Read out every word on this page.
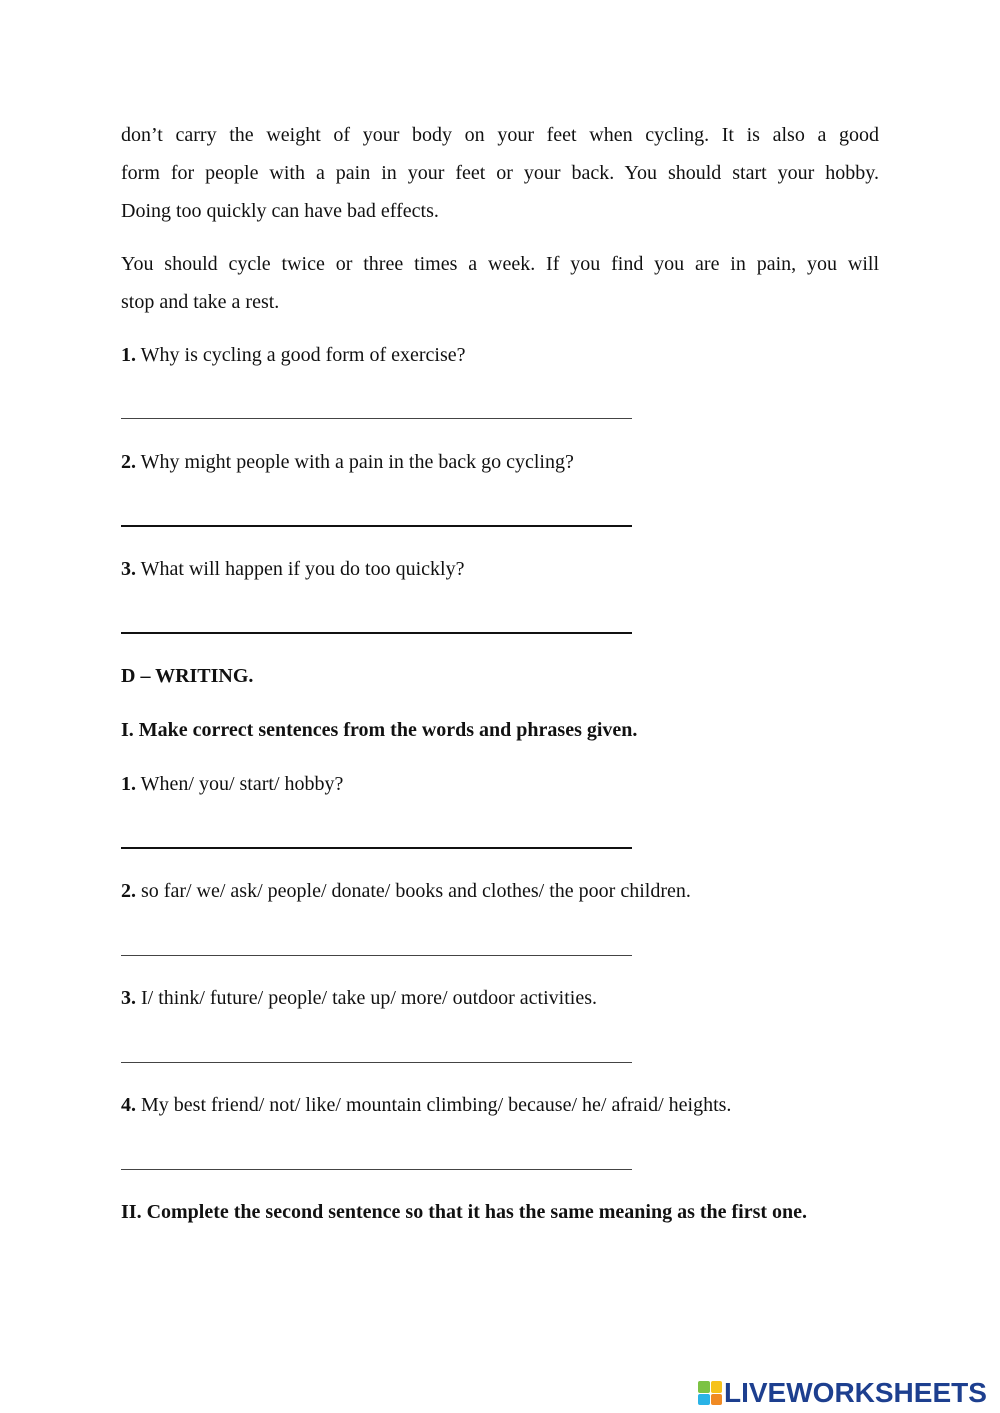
don’t carry the weight of your body on your feet when cycling. It is also a good

form for people with a pain in your feet or your back. You should start your hobby.

Doing too quickly can have bad effects.

You should cycle twice or three times a week. If you find you are in pain, you will

stop and take a rest.

1. Why is cycling a good form of exercise?
2. Why might people with a pain in the back go cycling?
3. What will happen if you do too quickly?
D – WRITING.
I. Make correct sentences from the words and phrases given.
1. When/ you/ start/ hobby?
2. so far/ we/ ask/ people/ donate/ books and clothes/ the poor children.
3. I/ think/ future/ people/ take up/ more/ outdoor activities.
4. My best friend/ not/ like/ mountain climbing/ because/ he/ afraid/ heights.

II. Complete the second sentence so that it has the same meaning as the first one.

LIVEWORKSHEETS
